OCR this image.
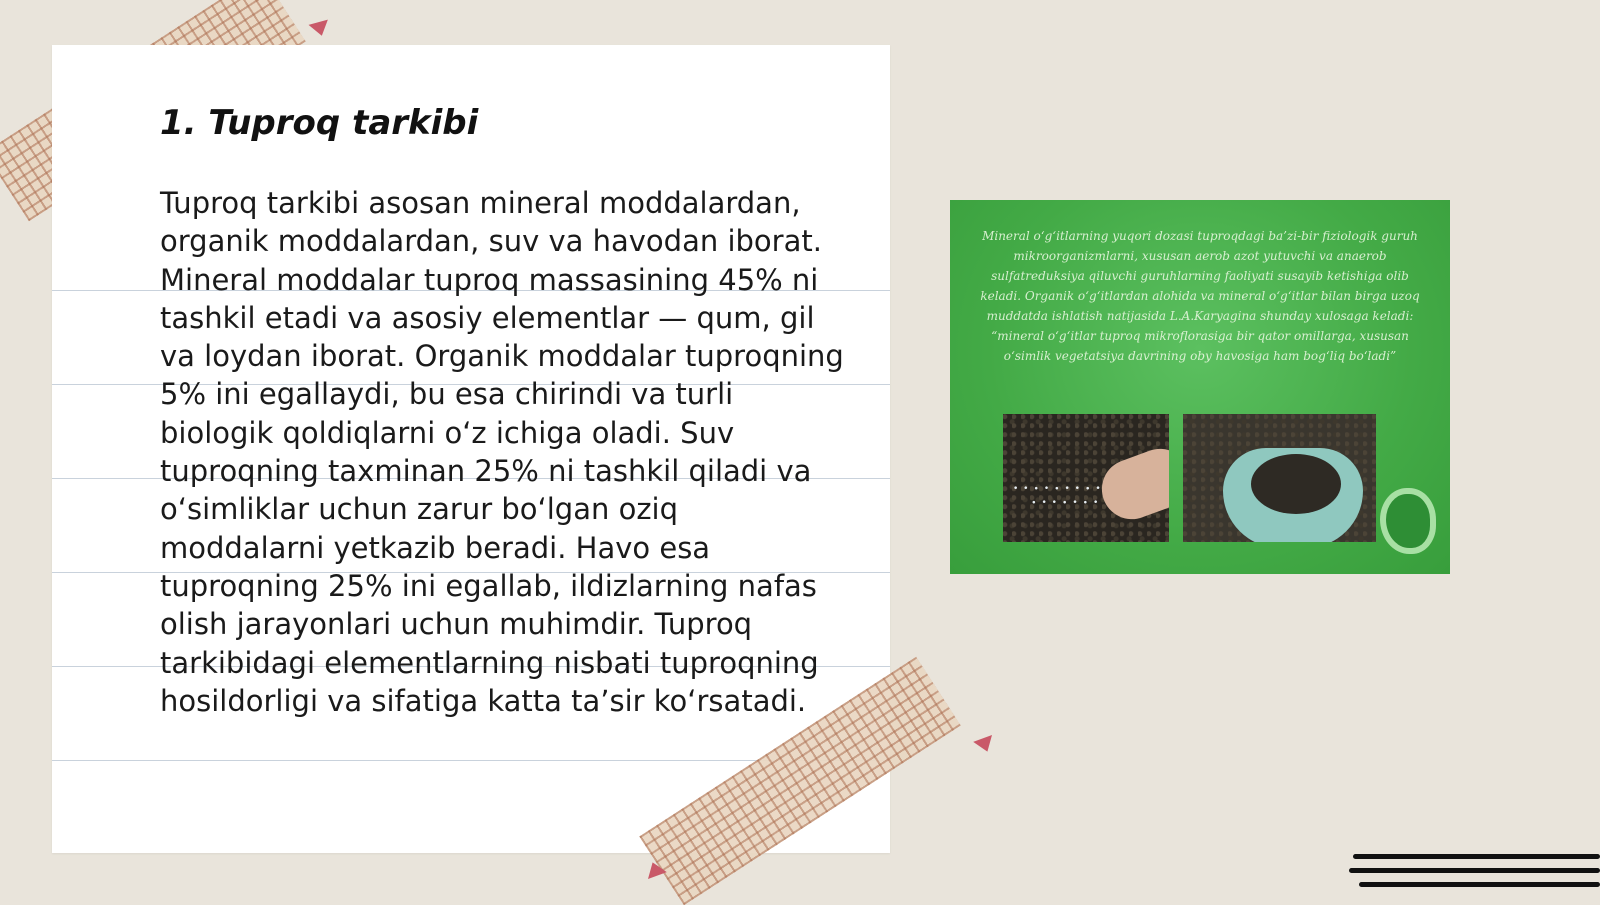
1. Tuproq tarkibi

Tuproq tarkibi asosan mineral moddalardan, organik moddalardan, suv va havodan iborat. Mineral moddalar tuproq massasining 45% ni tashkil etadi va asosiy elementlar — qum, gil va loydan iborat. Organik moddalar tuproqning 5% ini egallaydi, bu esa chirindi va turli biologik qoldiqlarni o‘z ichiga oladi. Suv tuproqning taxminan 25% ni tashkil qiladi va o‘simliklar uchun zarur bo‘lgan oziq moddalarni yetkazib beradi. Havo esa tuproqning 25% ini egallab, ildizlarning nafas olish jarayonlari uchun muhimdir. Tuproq tarkibidagi elementlarning nisbati tuproqning hosildorligi va sifatiga katta ta’sir ko‘rsatadi.

Mineral o‘g‘itlarning yuqori dozasi tuproqdagi ba’zi-bir fiziologik guruh mikroorganizmlarni, xususan aerob azot yutuvchi va anaerob sulfatreduksiya qiluvchi guruhlarning faoliyati susayib ketishiga olib keladi. Organik o‘g‘itlardan alohida va mineral o‘g‘itlar bilan birga uzoq muddatda ishlatish natijasida L.A.Karyagina shunday xulosaga keladi: “mineral o‘g‘itlar tuproq mikroflorasiga bir qator omillarga, xususan o‘simlik vegetatsiya davrining oby havosiga ham bog‘liq bo‘ladi”

• • ∙ • ∙ • • ∙ •
∙ • • ∙ • ∙ •
